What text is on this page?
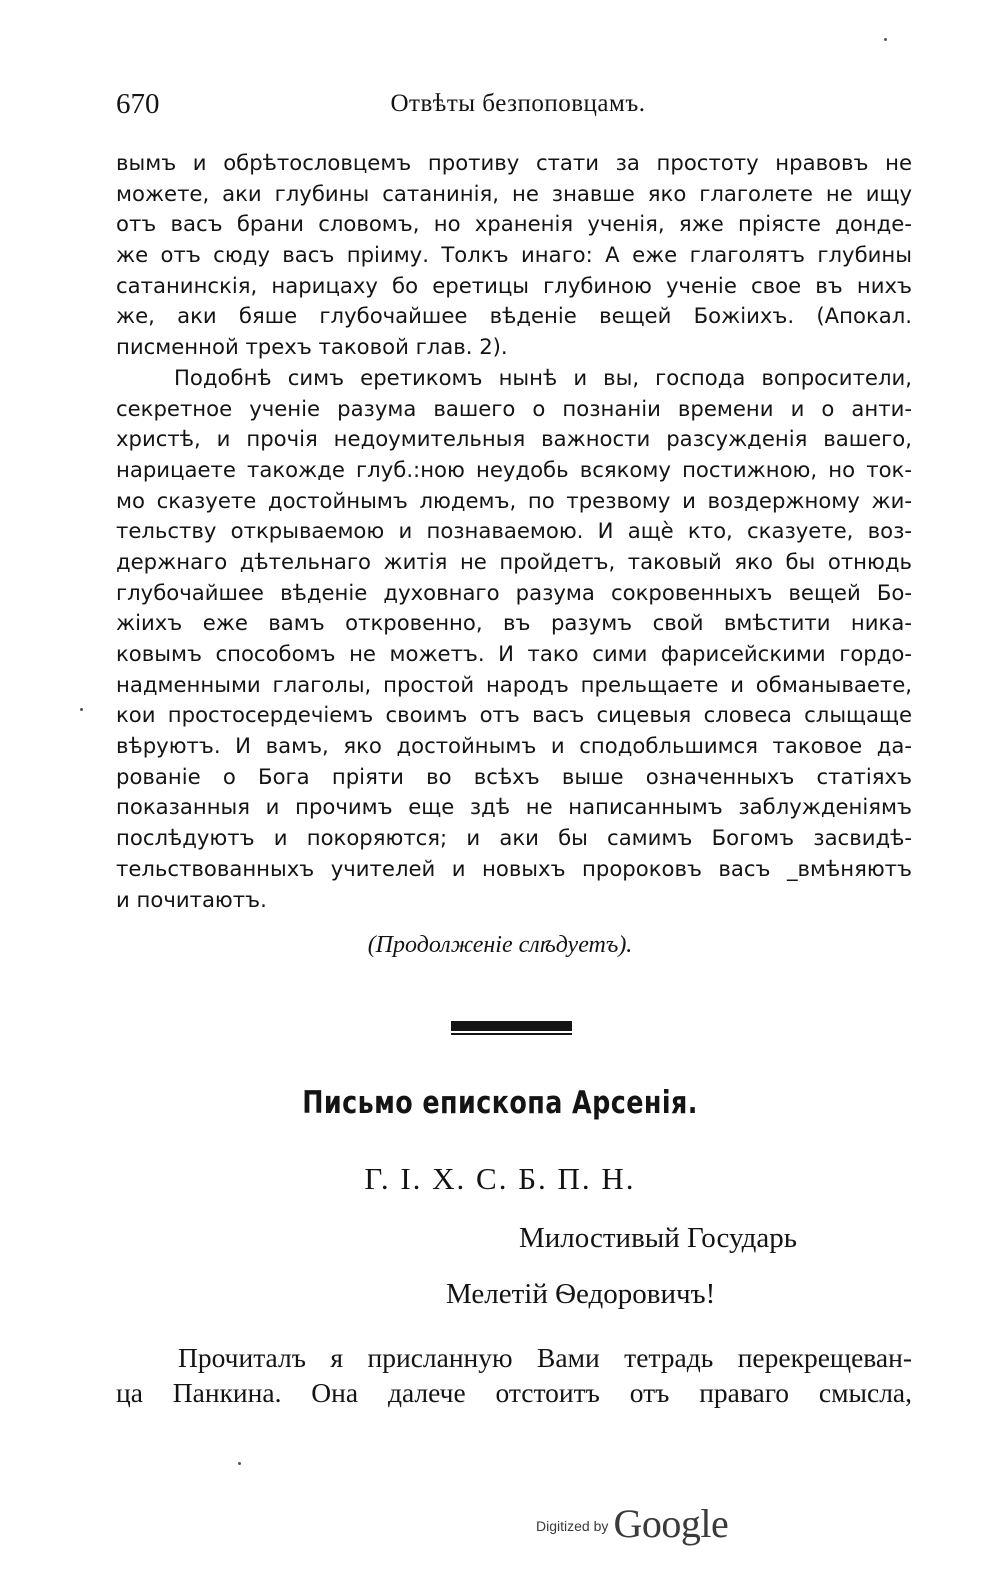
670	Отвѣты безпоповцамъ.
вымъ и обрѣтословцемъ противу стати за простоту нравовъ не
можете, аки глубины сатанинія, не знавше яко глаголете не ищу
отъ васъ брани словомъ, но храненія ученія, яже пріясте донде-
же отъ сюду васъ пріиму. Толкъ инаго: А еже глаголятъ глубины
сатанинскія, нарицаху бо еретицы глубиною ученіе свое въ нихъ
же, аки бяше глубочайшее вѣденіе вещей Божіихъ. (Апокал.
писменной трехъ таковой глав. 2).
Подобнѣ симъ еретикомъ нынѣ и вы, господа вопросители,
секретное ученіе разума вашего о познаніи времени и о анти-
христѣ, и прочія недоумительныя важности разсужденія вашего,
нарицаете такожде глуб.:ною неудобь всякому постижною, но ток-
мо сказуете достойнымъ людемъ, по трезвому и воздержному жи-
тельству открываемою и познаваемою. И ащѐ кто, сказуете, воз-
держнаго дѣтельнаго житія не пройдетъ, таковый яко бы отнюдь
глубочайшее вѣденіе духовнаго разума сокровенныхъ вещей Бо-
жіихъ еже вамъ откровенно, въ разумъ свой вмѣстити ника-
ковымъ способомъ не можетъ. И тако сими фарисейскими гордо-
надменными глаголы, простой народъ прельщаете и обманываете,
кои простосердечіемъ своимъ отъ васъ сицевыя словеса слыщаще
вѣруютъ. И вамъ, яко достойнымъ и сподобльшимся таковое да-
рованіе о Бога пріяти во всѣхъ выше означенныхъ статіяхъ
показанныя и прочимъ еще здѣ не написаннымъ заблужденіямъ
послѣдуютъ и покоряются; и аки бы самимъ Богомъ засвидѣ-
тельствованныхъ учителей и новыхъ пророковъ васъ _вмѣняютъ
и почитаютъ.
(Продолженіе слѣдуетъ).
Письмо епископа Арсенія.
Г. І. Х. С. Б. П. Н.
Милостивый Государь
Мелетій Ѳедоровичъ!
Прочиталъ я присланную Вами тетрадь перекрещеван-
ца Панкина. Она далече отстоитъ отъ праваго смысла,
Digitized by Google
